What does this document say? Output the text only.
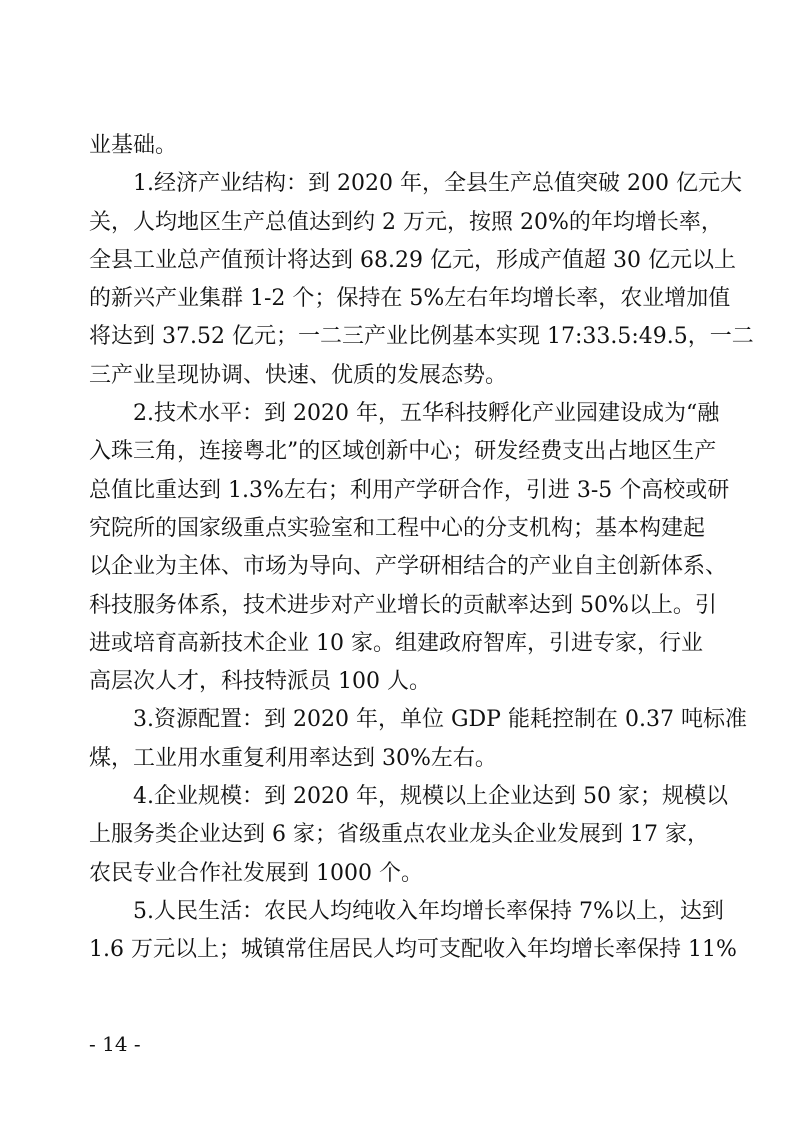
业基础。
1.经济产业结构：到 2020 年，全县生产总值突破 200 亿元大
关，人均地区生产总值达到约 2 万元，按照 20%的年均增长率，
全县工业总产值预计将达到 68.29 亿元，形成产值超 30 亿元以上
的新兴产业集群 1-2 个；保持在 5%左右年均增长率，农业增加值
将达到 37.52 亿元；一二三产业比例基本实现 17:33.5:49.5，一二
三产业呈现协调、快速、优质的发展态势。
2.技术水平：到 2020 年，五华科技孵化产业园建设成为“融
入珠三角，连接粤北”的区域创新中心；研发经费支出占地区生产
总值比重达到 1.3%左右；利用产学研合作，引进 3-5 个高校或研
究院所的国家级重点实验室和工程中心的分支机构；基本构建起
以企业为主体、市场为导向、产学研相结合的产业自主创新体系、
科技服务体系，技术进步对产业增长的贡献率达到 50%以上。引
进或培育高新技术企业 10 家。组建政府智库，引进专家，行业
高层次人才，科技特派员 100 人。
3.资源配置：到 2020 年，单位 GDP 能耗控制在 0.37 吨标准
煤，工业用水重复利用率达到 30%左右。
4.企业规模：到 2020 年，规模以上企业达到 50 家；规模以
上服务类企业达到 6 家；省级重点农业龙头企业发展到 17 家，
农民专业合作社发展到 1000 个。
5.人民生活：农民人均纯收入年均增长率保持 7%以上，达到
1.6 万元以上；城镇常住居民人均可支配收入年均增长率保持 11%
- 14 -
